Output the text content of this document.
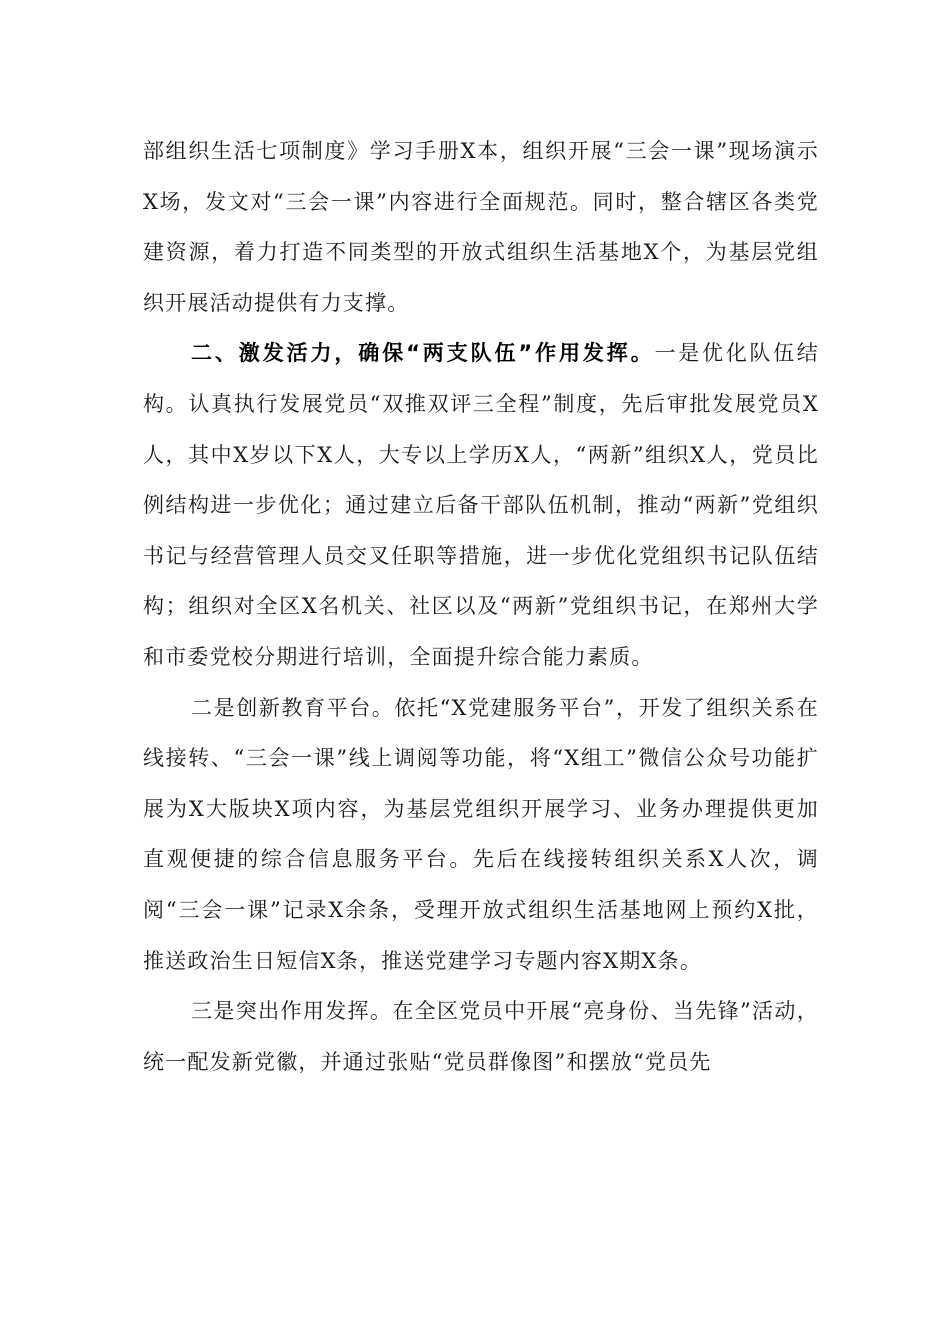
部组织生活七项制度》学习手册X本，组织开展“三会一课”现场演示X场，发文对“三会一课”内容进行全面规范。同时，整合辖区各类党建资源，着力打造不同类型的开放式组织生活基地X个，为基层党组织开展活动提供有力支撑。

二、激发活力，确保“两支队伍”作用发挥。一是优化队伍结构。认真执行发展党员“双推双评三全程”制度，先后审批发展党员X人，其中X岁以下X人，大专以上学历X人，“两新”组织X人，党员比例结构进一步优化；通过建立后备干部队伍机制，推动“两新”党组织书记与经营管理人员交叉任职等措施，进一步优化党组织书记队伍结构；组织对全区X名机关、社区以及“两新”党组织书记，在郑州大学和市委党校分期进行培训，全面提升综合能力素质。

二是创新教育平台。依托“X党建服务平台”，开发了组织关系在线接转、“三会一课”线上调阅等功能，将“X组工”微信公众号功能扩展为X大版块X项内容，为基层党组织开展学习、业务办理提供更加直观便捷的综合信息服务平台。先后在线接转组织关系X人次，调阅“三会一课”记录X余条，受理开放式组织生活基地网上预约X批，推送政治生日短信X条，推送党建学习专题内容X期X条。

三是突出作用发挥。在全区党员中开展“亮身份、当先锋”活动，统一配发新党徽，并通过张贴“党员群像图”和摆放“党员先
